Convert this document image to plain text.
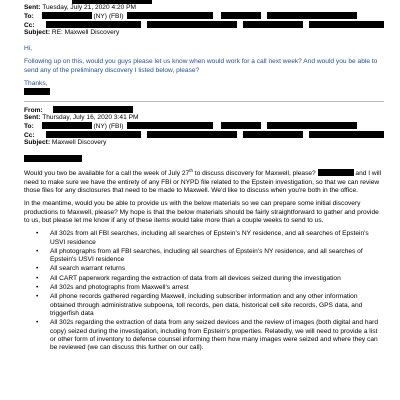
Sent: Tuesday, July 21, 2020 4:20 PM
To:	(NY) (FBI)
Cc:
Subject: RE: Maxwell Discovery

Hi,

Following up on this, would you guys please let us know when would work for a call next week? And would you be able to send any of the preliminary discovery I listed below, please?

Thanks,

From:
Sent: Thursday, July 16, 2020 3:41 PM
To:	(NY) (FBI)
Cc:
Subject: Maxwell Discovery

Would you two be available for a call the week of July 27th to discuss discovery for Maxwell, please?	and I will need to make sure we have the entirety of any FBI or NYPD file related to the Epstein investigation, so that we can review those files for any disclosures that need to be made to Maxwell. We'd like to discuss when you're both in the office.

In the meantime, would you be able to provide us with the below materials so we can prepare some initial discovery productions to Maxwell, please? My hope is that the below materials should be fairly straightforward to gather and provide to us, but please let me know if any of these items would take more than a couple weeks to send to us.

• All 302s from all FBI searches, including all searches of Epstein's NY residence, and all searches of Epstein's USVI residence
• All photographs from all FBI searches, including all searches of Epstein's NY residence, and all searches of Epstein's USVI residence
• All search warrant returns
• All CART paperwork regarding the extraction of data from all devices seized during the investigation
• All 302s and photographs from Maxwell's arrest
• All phone records gathered regarding Maxwell, including subscriber information and any other information obtained through administrative subpoena, toll records, pen data, historical cell site records, GPS data, and triggerfish data
• All 302s regarding the extraction of data from any seized devices and the review of images (both digital and hard copy) seized during the investigation, including from Epstein's properties. Relatedly, we will need to provide a list or other form of inventory to defense counsel informing them how many images were seized and where they can be reviewed (we can discuss this further on our call).
